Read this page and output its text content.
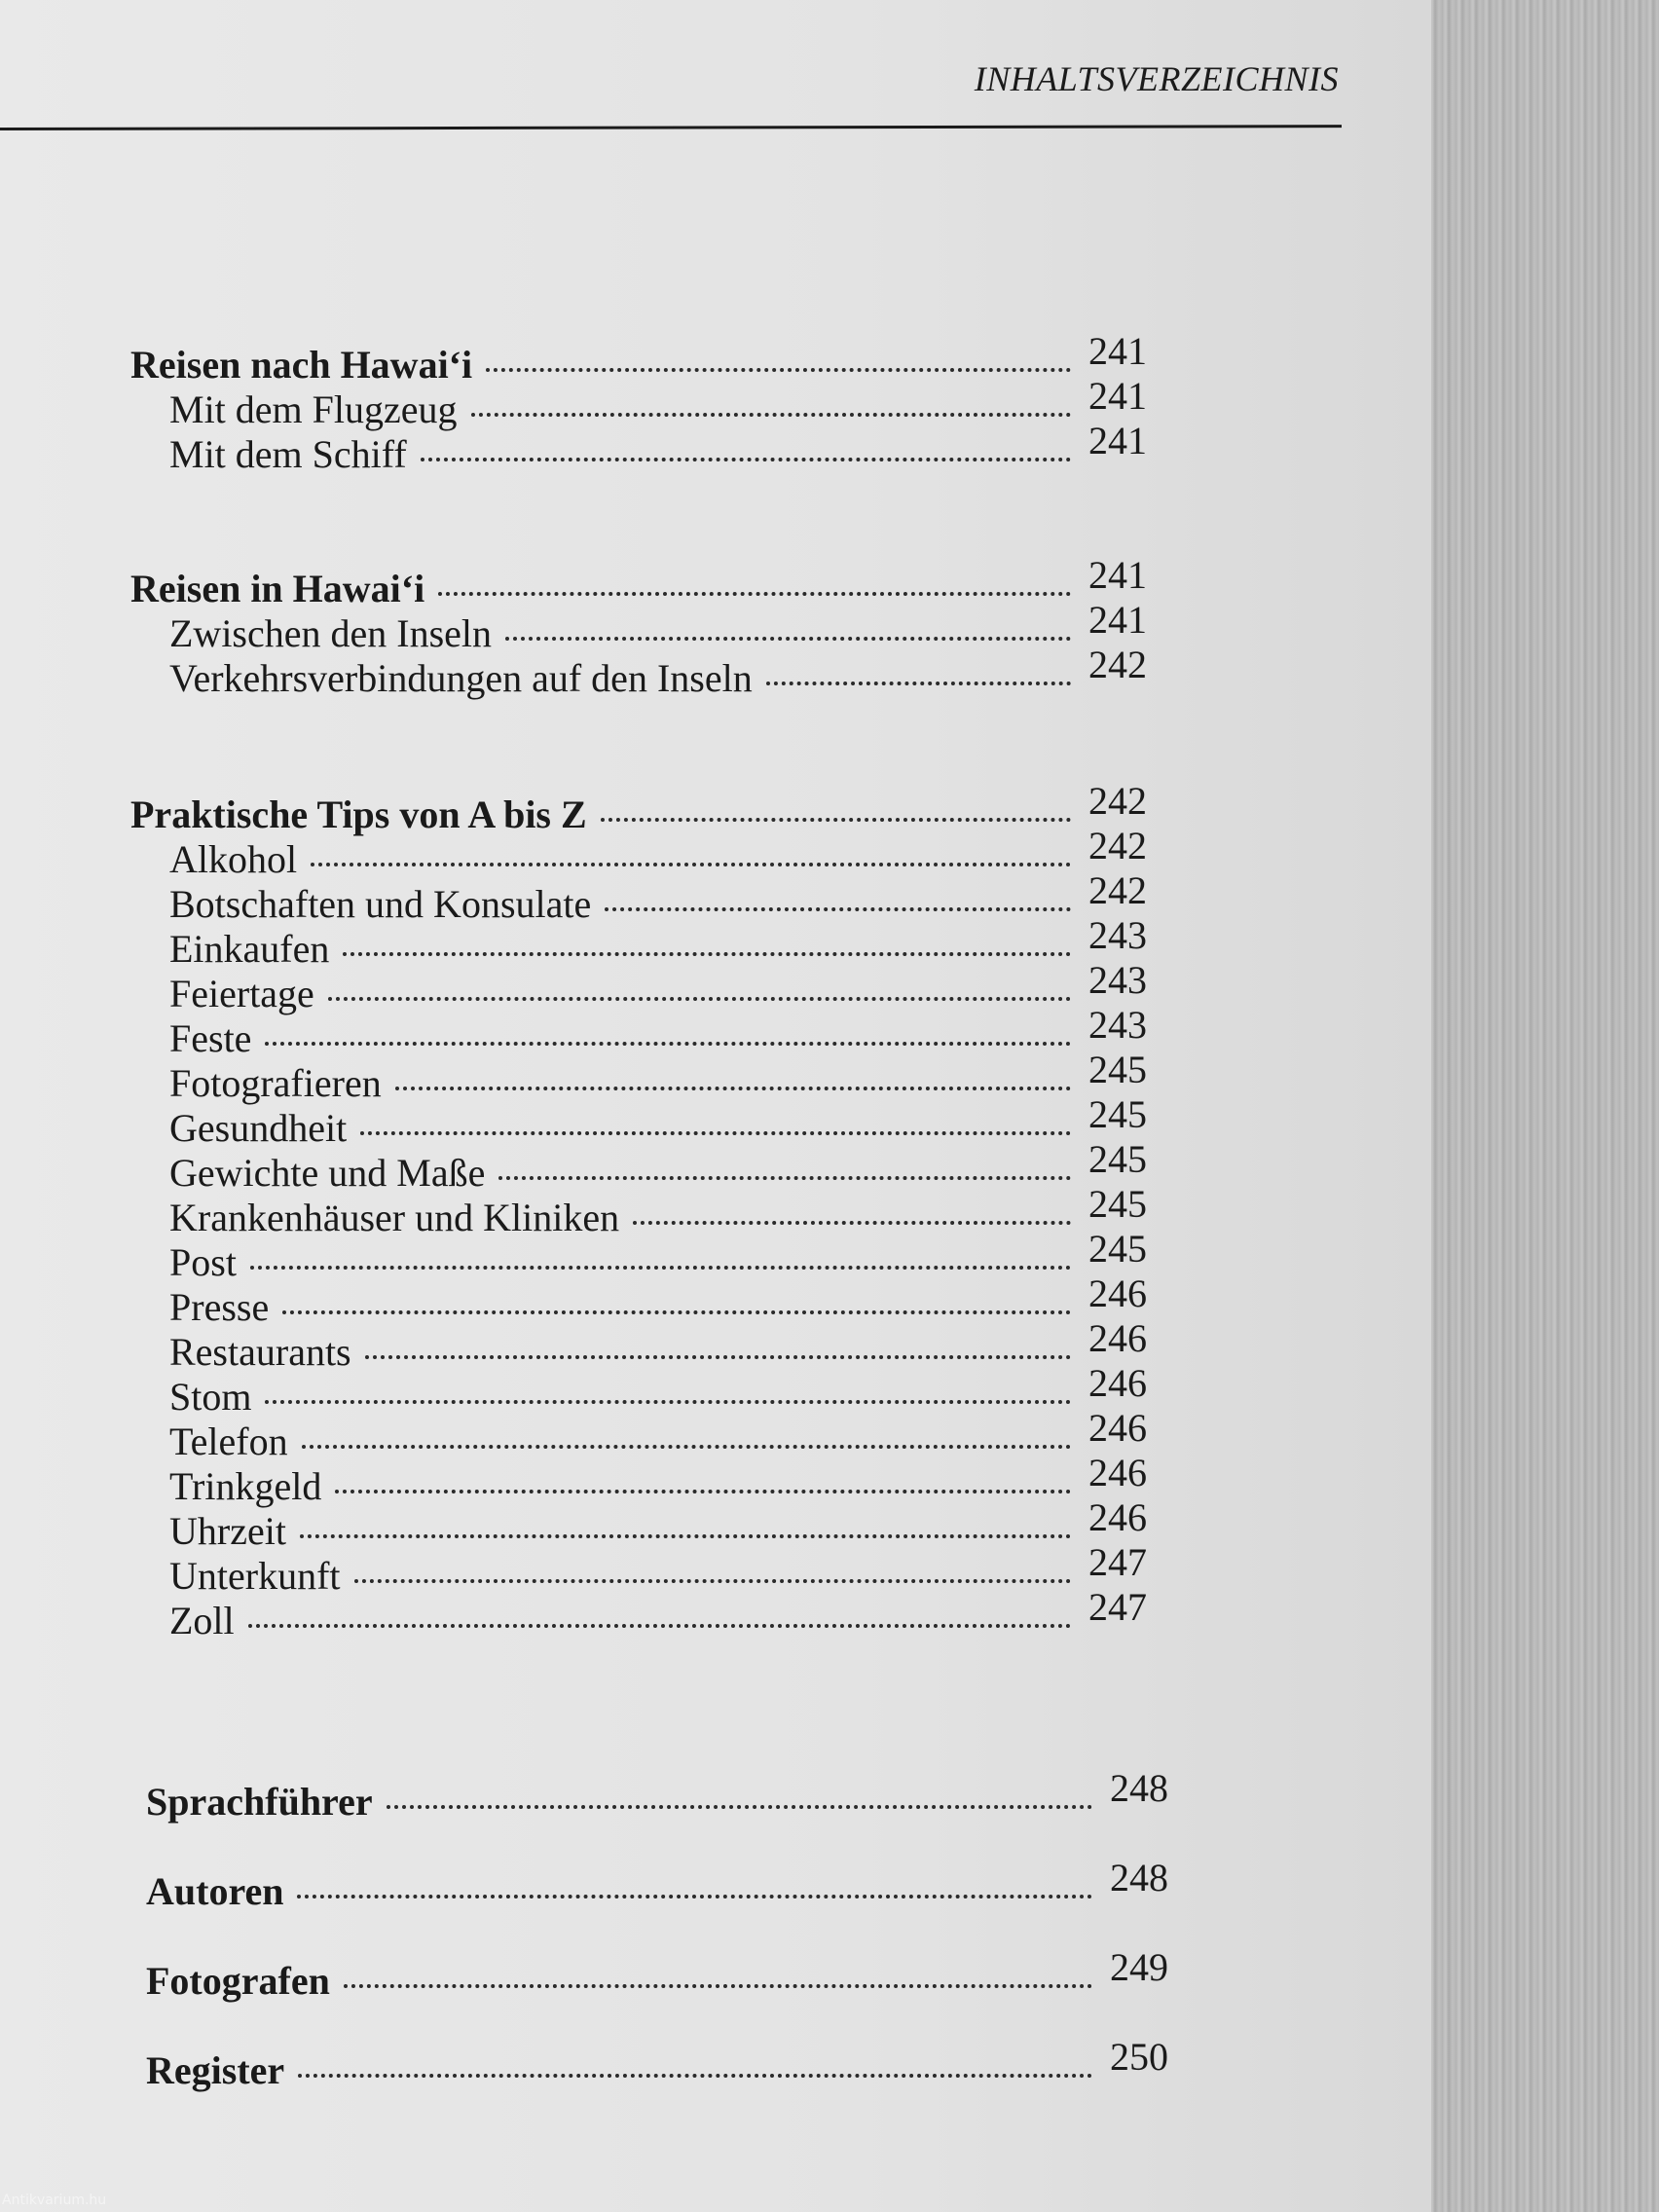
INHALTSVERZEICHNIS
Reisen nach Hawai‘i	241
Mit dem Flugzeug	241
Mit dem Schiff	241
Reisen in Hawai‘i	241
Zwischen den Inseln	241
Verkehrsverbindungen auf den Inseln	242
Praktische Tips von A bis Z	242
Alkohol	242
Botschaften und Konsulate	242
Einkaufen	243
Feiertage	243
Feste	243
Fotografieren	245
Gesundheit	245
Gewichte und Maße	245
Krankenhäuser und Kliniken	245
Post	245
Presse	246
Restaurants	246
Stom	246
Telefon	246
Trinkgeld	246
Uhrzeit	246
Unterkunft	247
Zoll	247
Sprachführer	248
Autoren	248
Fotografen	249
Register	250
Antikvarium.hu
